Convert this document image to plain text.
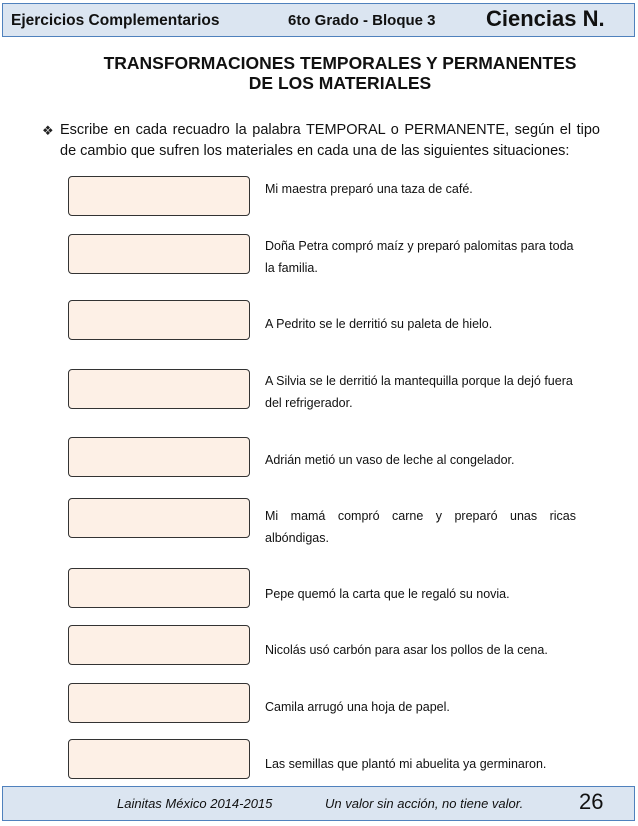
Ejercicios Complementarios	6to Grado - Bloque 3 Ciencias N.
TRANSFORMACIONES TEMPORALES Y PERMANENTES
DE LOS MATERIALES
❖ Escribe en cada recuadro la palabra TEMPORAL o PERMANENTE, según el tipo de cambio que sufren los materiales en cada una de las siguientes situaciones:
Mi maestra preparó una taza de café.
Doña Petra compró maíz y preparó palomitas para toda la familia.
A Pedrito se le derritió su paleta de hielo.
A Silvia se le derritió la mantequilla porque la dejó fuera del refrigerador.
Adrián metió un vaso de leche al congelador.
Mi mamá compró carne y preparó unas ricas albóndigas.
Pepe quemó la carta que le regaló su novia.
Nicolás usó carbón para asar los pollos de la cena.
Camila arrugó una hoja de papel.
Las semillas que plantó mi abuelita ya germinaron.
Lainitas México 2014-2015	Un valor sin acción, no tiene valor.	26
